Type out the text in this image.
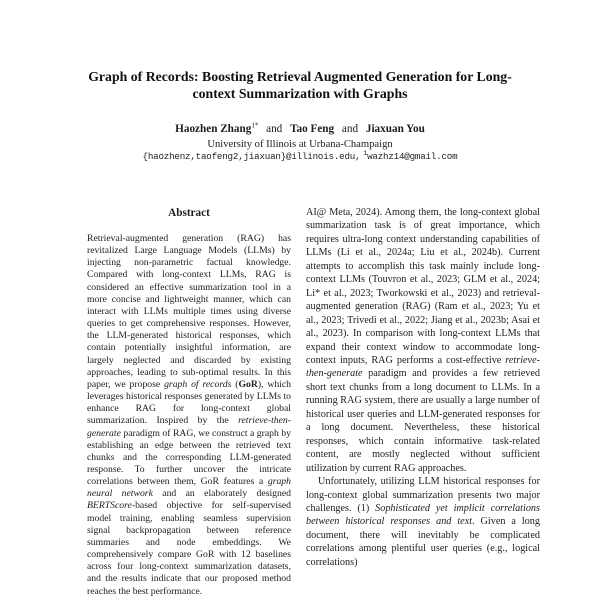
Graph of Records: Boosting Retrieval Augmented Generation for Long-context Summarization with Graphs
Haozhen Zhang$^{1*}$ and Tao Feng and Jiaxuan You
University of Illinois at Urbana-Champaign
{haozhenz,taofeng2,jiaxuan}@illinois.edu, $^1$wazhz14@gmail.com
Abstract
Retrieval-augmented generation (RAG) has revitalized Large Language Models (LLMs) by injecting non-parametric factual knowledge. Compared with long-context LLMs, RAG is considered an effective summarization tool in a more concise and lightweight manner, which can interact with LLMs multiple times using diverse queries to get comprehensive responses. However, the LLM-generated historical responses, which contain potentially insightful information, are largely neglected and discarded by existing approaches, leading to sub-optimal results. In this paper, we propose graph of records (GoR), which leverages historical responses generated by LLMs to enhance RAG for long-context global summarization. Inspired by the retrieve-then-generate paradigm of RAG, we construct a graph by establishing an edge between the retrieved text chunks and the corresponding LLM-generated response. To further uncover the intricate correlations between them, GoR features a graph neural network and an elaborately designed BERTScore-based objective for self-supervised model training, enabling seamless supervision signal backpropagation between reference summaries and node embeddings. We comprehensively compare GoR with 12 baselines across four long-context summarization datasets, and the results indicate that our proposed method reaches the best performance.

AI@ Meta, 2024). Among them, the long-context global summarization task is of great importance, which requires ultra-long context understanding capabilities of LLMs (Li et al., 2024a; Liu et al., 2024b). Current attempts to accomplish this task mainly include long-context LLMs (Touvron et al., 2023; GLM et al., 2024; Li* et al., 2023; Tworkowski et al., 2023) and retrieval-augmented generation (RAG) (Ram et al., 2023; Yu et al., 2023; Trivedi et al., 2022; Jiang et al., 2023b; Asai et al., 2023). In comparison with long-context LLMs that expand their context window to accommodate long-context inputs, RAG performs a cost-effective retrieve-then-generate paradigm and provides a few retrieved short text chunks from a long document to LLMs. In a running RAG system, there are usually a large number of historical user queries and LLM-generated responses for a long document. Nevertheless, these historical responses, which contain informative task-related content, are mostly neglected without sufficient utilization by current RAG approaches.

Unfortunately, utilizing LLM historical responses for long-context global summarization presents two major challenges. (1) Sophisticated yet implicit correlations between historical responses and text. Given a long document, there will inevitably be complicated correlations among plentiful user queries (e.g., logical correlations)
